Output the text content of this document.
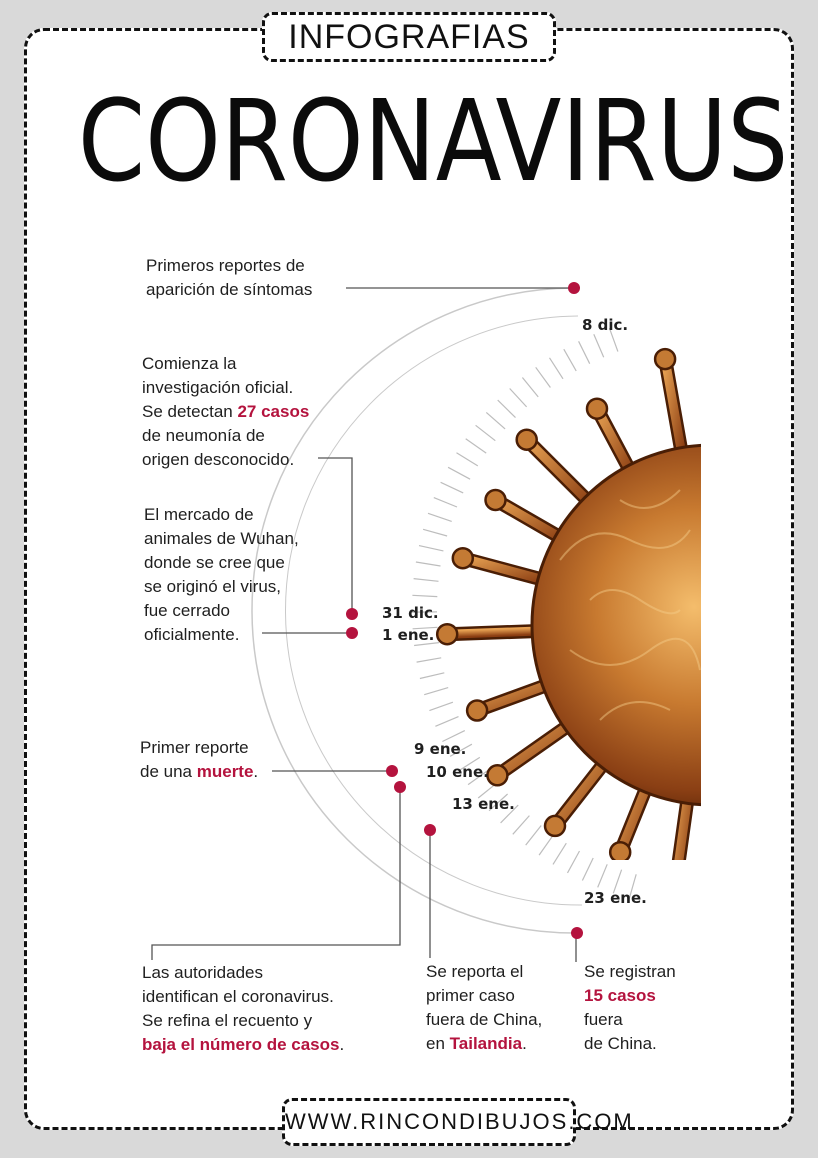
INFOGRAFIAS
CORONAVIRUS
8 dic.
31 dic.
1 ene.
9 ene.
10 ene.
13 ene.
23 ene.
Primeros reportes de
aparición de síntomas
Comienza la
investigación oficial.
Se detectan 27 casos
de neumonía de
origen desconocido.
El mercado de
animales de Wuhan,
donde se cree que
se originó el virus,
fue cerrado
oficialmente.
Primer reporte
de una muerte.
Las autoridades
identifican el coronavirus.
Se refina el recuento y
baja el número de casos.
Se reporta el
primer caso
fuera de China,
en Tailandia.
Se registran
15 casos
fuera
de China.
WWW.RINCONDIBUJOS.COM
